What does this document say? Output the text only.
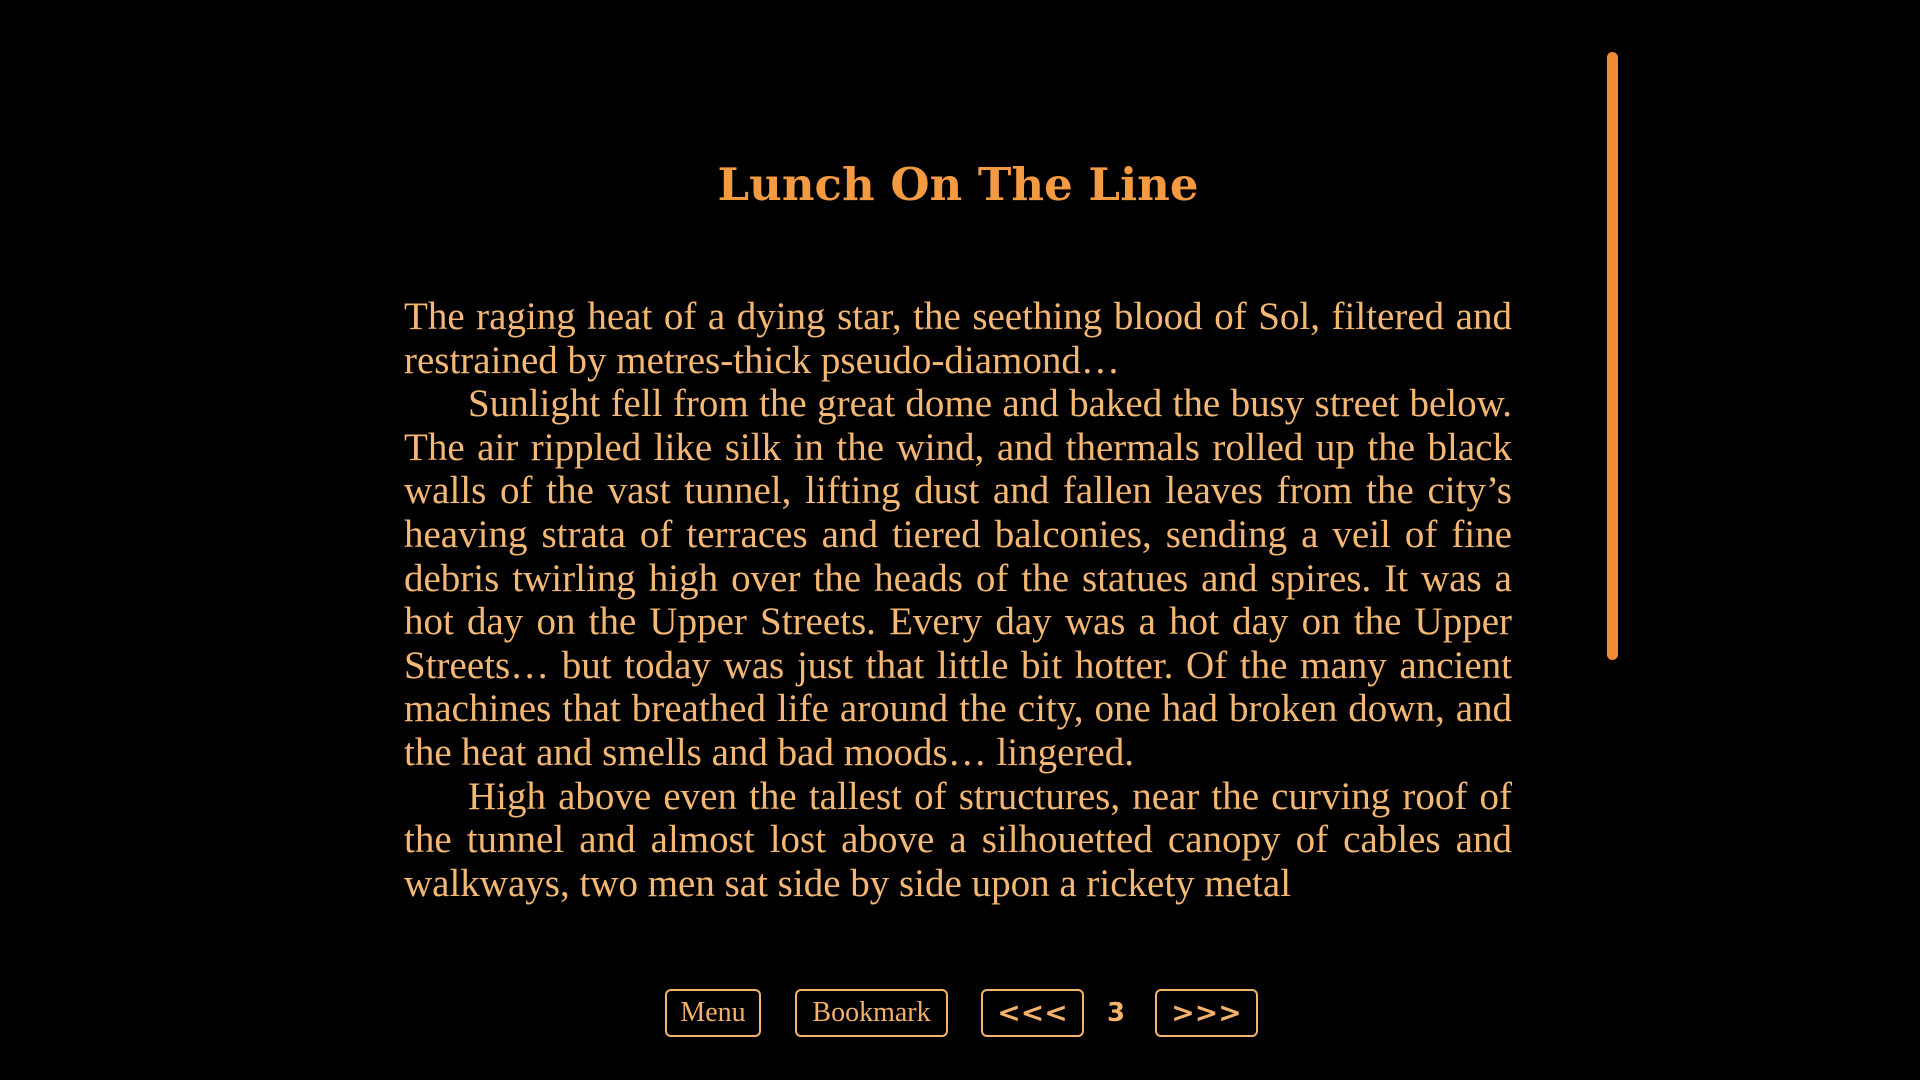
Lunch On The Line

The raging heat of a dying star, the seething blood of Sol, filtered and restrained by metres-thick pseudo-diamond…

Sunlight fell from the great dome and baked the busy street below. The air rippled like silk in the wind, and thermals rolled up the black walls of the vast tunnel, lifting dust and fallen leaves from the city’s heaving strata of terraces and tiered balconies, sending a veil of fine debris twirling high over the heads of the statues and spires. It was a hot day on the Upper Streets. Every day was a hot day on the Upper Streets… but today was just that little bit hotter. Of the many ancient machines that breathed life around the city, one had broken down, and the heat and smells and bad moods… lingered.

High above even the tallest of structures, near the curving roof of the tunnel and almost lost above a silhouetted canopy of cables and walkways, two men sat side by side upon a rickety metal

Menu	Bookmark	<<<	3	>>>
